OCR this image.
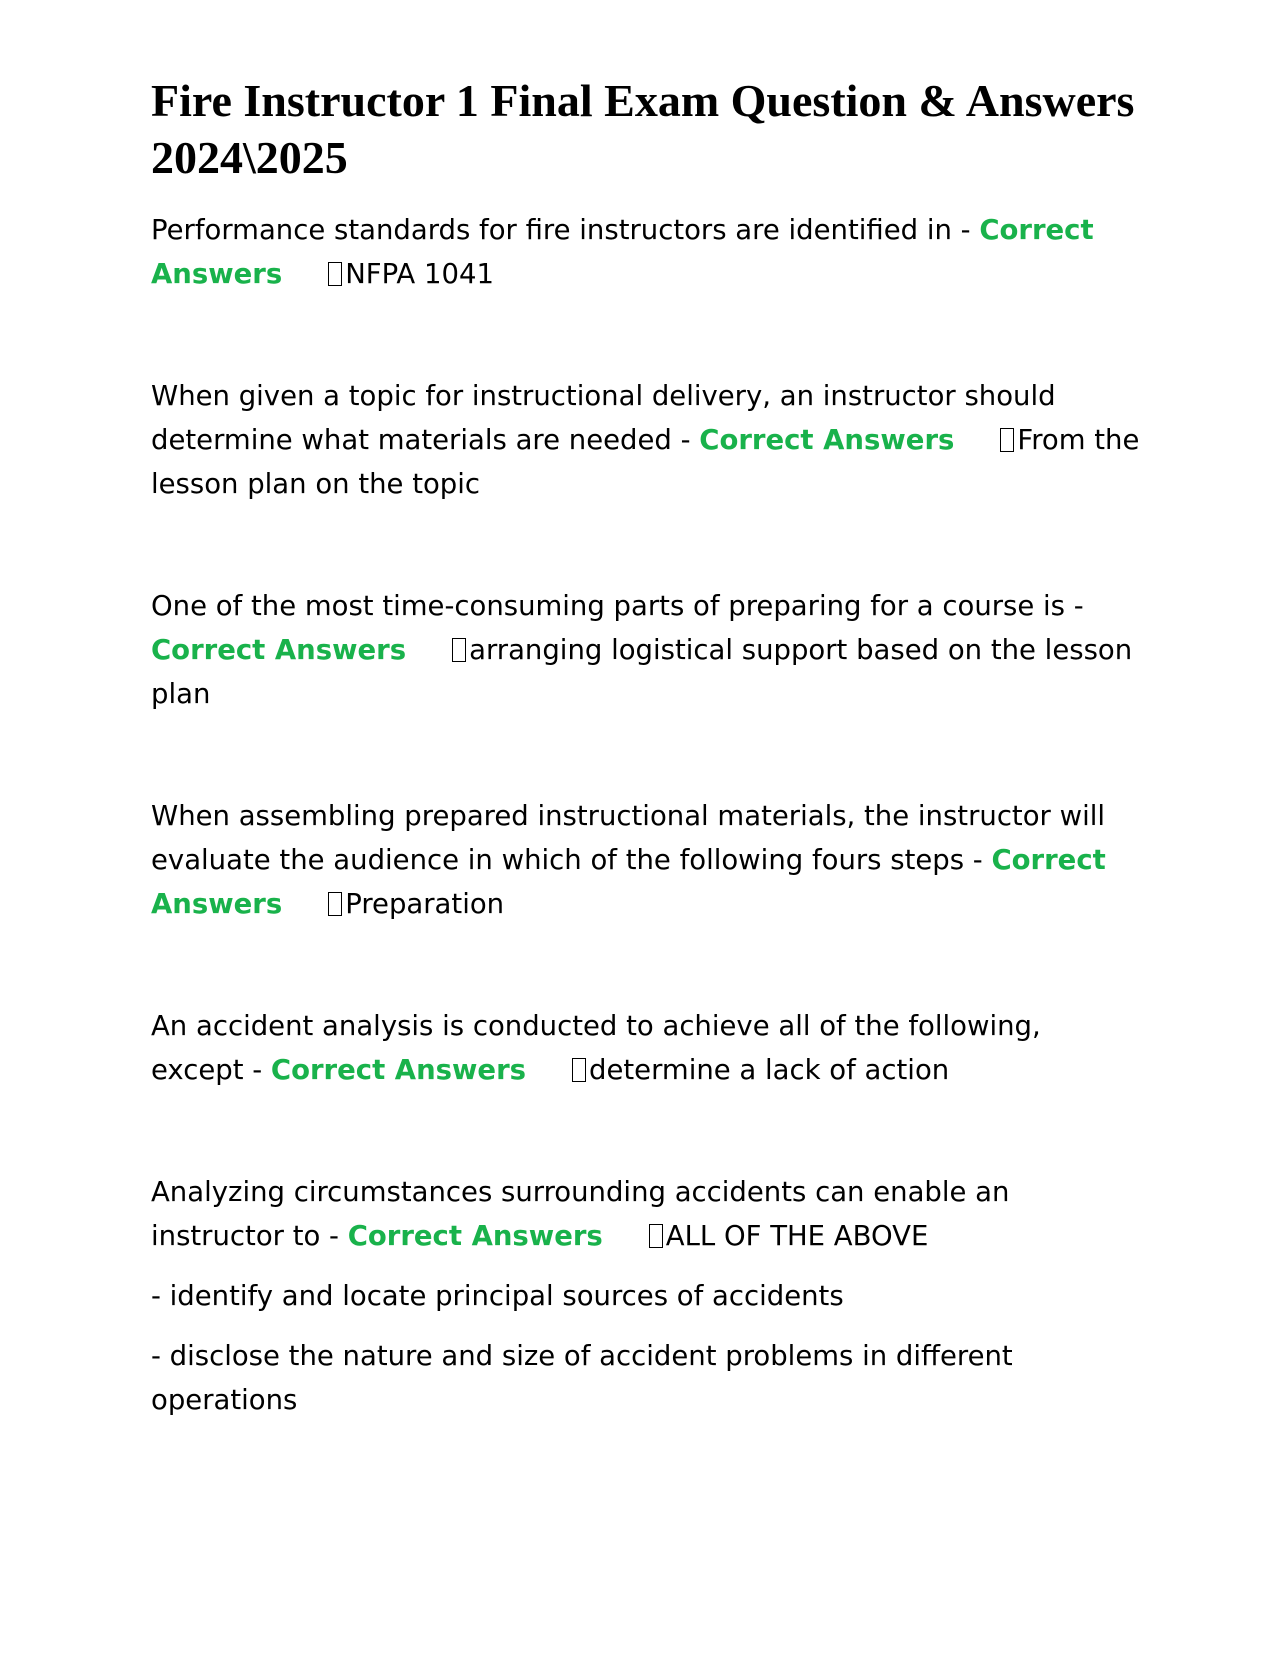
Fire Instructor 1 Final Exam Question & Answers 2024\2025

Performance standards for fire instructors are identified in - Correct Answers NFPA 1041

When given a topic for instructional delivery, an instructor should determine what materials are needed - Correct Answers From the lesson plan on the topic

One of the most time-consuming parts of preparing for a course is - Correct Answers arranging logistical support based on the lesson plan

When assembling prepared instructional materials, the instructor will evaluate the audience in which of the following fours steps - Correct Answers Preparation

An accident analysis is conducted to achieve all of the following, except - Correct Answers determine a lack of action

Analyzing circumstances surrounding accidents can enable an instructor to - Correct Answers ALL OF THE ABOVE

- identify and locate principal sources of accidents

- disclose the nature and size of accident problems in different operations
